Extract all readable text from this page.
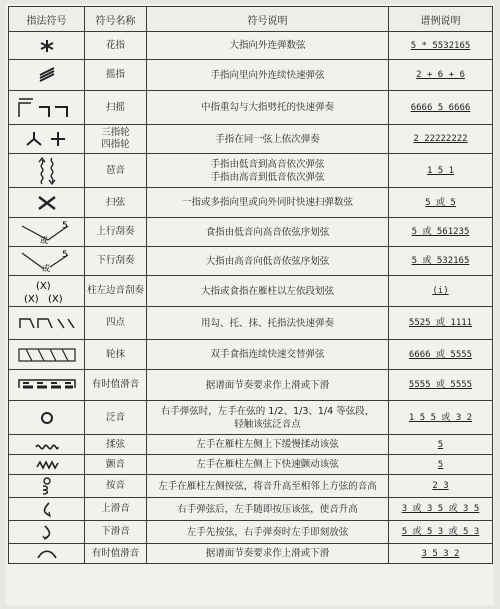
指法符号	符号名称	符号说明	谱例说明

	花指	大指向外连弹数弦	5 * 5532165

	摇指	手指向里向外连续快速弹弦	2 + 6 + 6

	扫摇	中指重勾与大指劈托的快速弹奏	6666 5 6666

	三指轮
四指轮	手指在同一弦上依次弹奏	2 22222222

	琶音	手指由低音到高音依次弹弦
手指由高音到低音依次弹弦	1 5 1

	扫弦	一指或多指向里或向外同时快速扫弹数弦	5 或 5

5
或	上行刮奏	食指由低音向高音依弦序划弦	5 或 561235

5
或	下行刮奏	大指由高音向低音依弦序划弦	5 或 532165

(X)
(X) (X)	柱左边音刮奏	大指或食指在雁柱以左依段划弦	(i)

	四点	用勾、托、抹、托指法快速弹奏	5525 或 1111

	轮抹	双手食指连续快速交替弹弦	6666 或 5555

	有时值滑音	据谱面节奏要求作上滑或下滑	5555 或 5555

	泛音	右手弹弦时，左手在弦的 1/2、1/3、1/4 等弦段，
轻触该弦泛音点	1 5 5 或 3 2

	揉弦	左手在雁柱左侧上下缓慢揉动该弦	5

	颤音	左手在雁柱左侧上下快速颤动该弦	5

	按音	左手在雁柱左侧按弦，将音升高至相邻上方弦的音高	2 3

	上滑音	右手弹弦后，左手随即按压该弦，使音升高	3 或 3 5 或 3 5

	下滑音	左手先按弦，右手弹奏时左手即刻放弦	5 或 5 3 或 5 3

	有时值滑音	据谱面节奏要求作上滑或下滑	3 5 3 2
